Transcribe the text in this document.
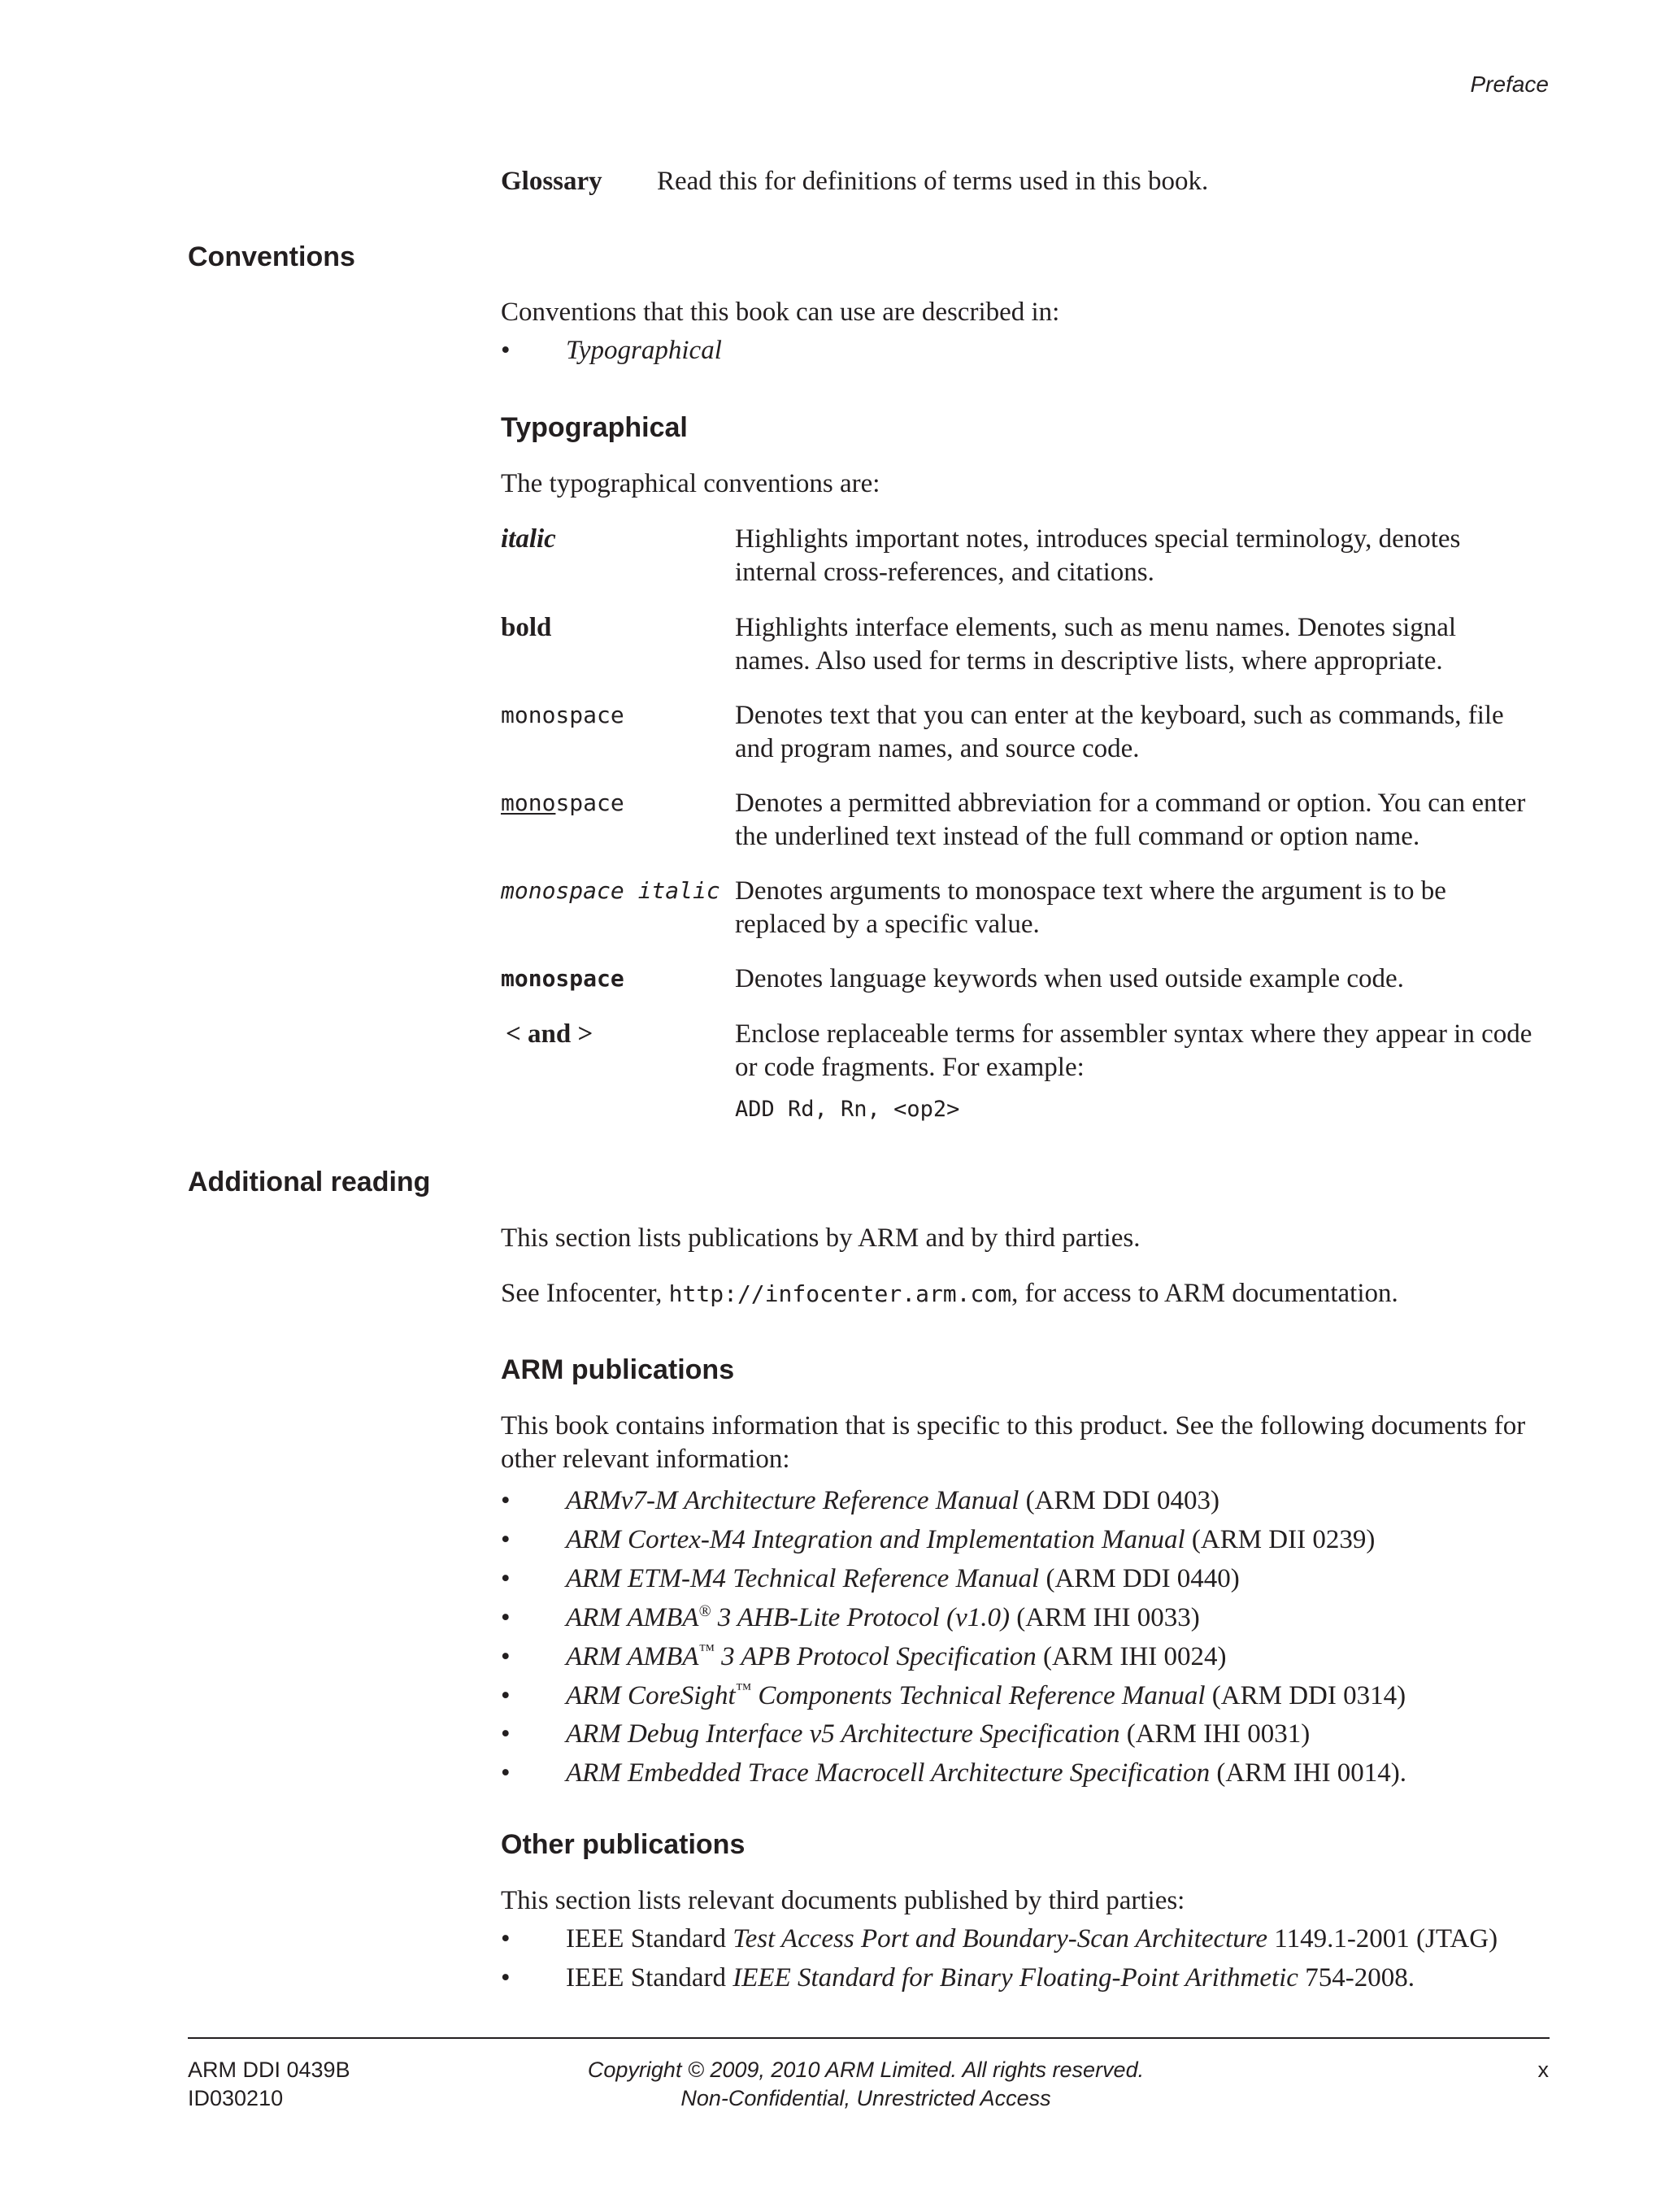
Preface
Glossary Read this for definitions of terms used in this book.
Conventions
Conventions that this book can use are described in:
• Typographical
Typographical
The typographical conventions are:
italic	Highlights important notes, introduces special terminology, denotes
internal cross-references, and citations.
bold	Highlights interface elements, such as menu names. Denotes signal
names. Also used for terms in descriptive lists, where appropriate.
monospace	Denotes text that you can enter at the keyboard, such as commands, file
and program names, and source code.
monospace	Denotes a permitted abbreviation for a command or option. You can enter
the underlined text instead of the full command or option name.
monospace italic Denotes arguments to monospace text where the argument is to be
replaced by a specific value.
monospace	Denotes language keywords when used outside example code.
< and >	Enclose replaceable terms for assembler syntax where they appear in code
or code fragments. For example:
ADD Rd, Rn, <op2>
Additional reading
This section lists publications by ARM and by third parties.
See Infocenter, http://infocenter.arm.com, for access to ARM documentation.
ARM publications
This book contains information that is specific to this product. See the following documents for
other relevant information:
• ARMv7-M Architecture Reference Manual (ARM DDI 0403)
• ARM Cortex-M4 Integration and Implementation Manual (ARM DII 0239)
• ARM ETM-M4 Technical Reference Manual (ARM DDI 0440)
• ARM AMBA® 3 AHB-Lite Protocol (v1.0) (ARM IHI 0033)
• ARM AMBA™ 3 APB Protocol Specification (ARM IHI 0024)
• ARM CoreSight™ Components Technical Reference Manual (ARM DDI 0314)
• ARM Debug Interface v5 Architecture Specification (ARM IHI 0031)
• ARM Embedded Trace Macrocell Architecture Specification (ARM IHI 0014).
Other publications
This section lists relevant documents published by third parties:
• IEEE Standard Test Access Port and Boundary-Scan Architecture 1149.1-2001 (JTAG)
• IEEE Standard IEEE Standard for Binary Floating-Point Arithmetic 754-2008.
ARM DDI 0439B
ID030210
Copyright © 2009, 2010 ARM Limited. All rights reserved.
Non-Confidential, Unrestricted Access
x
